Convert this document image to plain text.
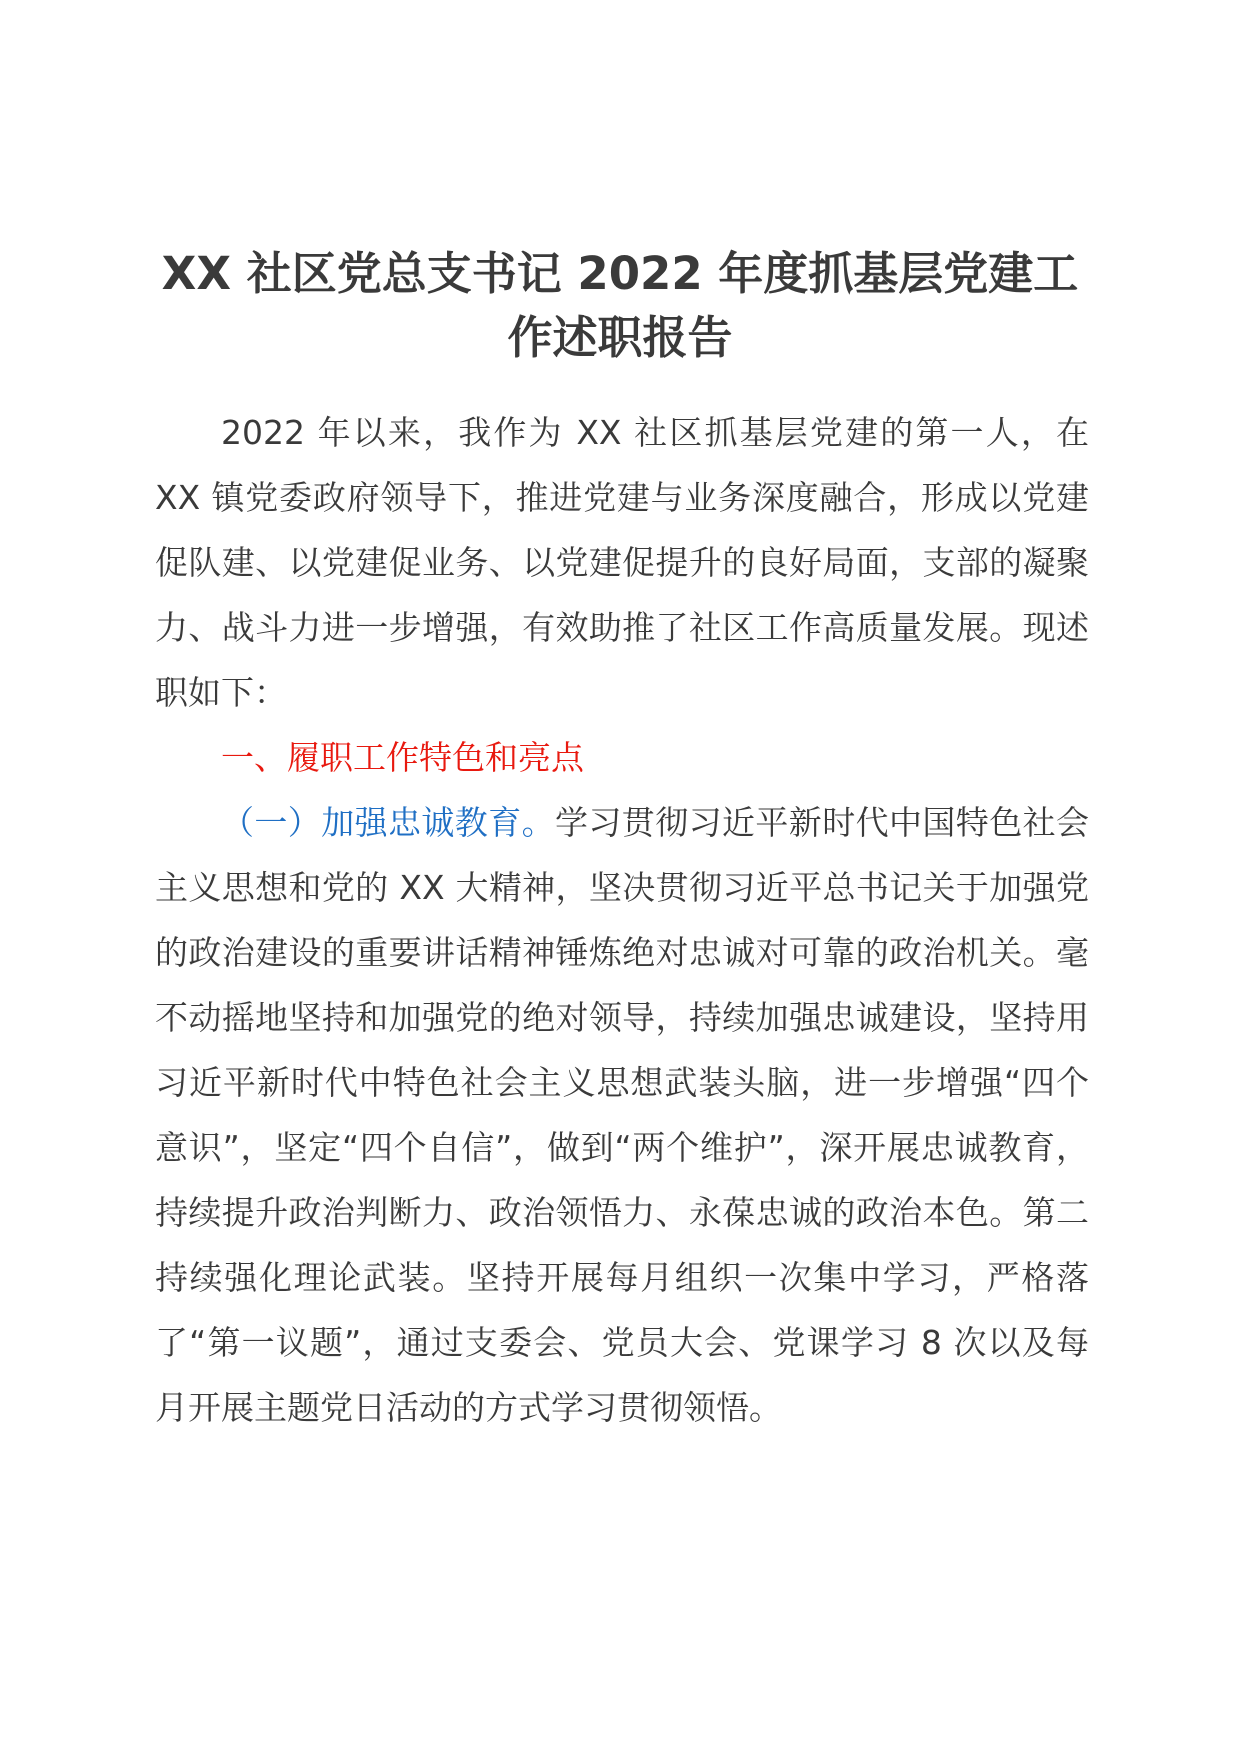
XX 社区党总支书记 2022 年度抓基层党建工作述职报告

2022 年以来，我作为 XX 社区抓基层党建的第一人，在 XX 镇党委政府领导下，推进党建与业务深度融合，形成以党建促队建、以党建促业务、以党建促提升的良好局面，支部的凝聚力、战斗力进一步增强，有效助推了社区工作高质量发展。现述职如下：

一、履职工作特色和亮点

（一）加强忠诚教育。学习贯彻习近平新时代中国特色社会主义思想和党的 XX 大精神，坚决贯彻习近平总书记关于加强党的政治建设的重要讲话精神锤炼绝对忠诚对可靠的政治机关。毫不动摇地坚持和加强党的绝对领导，持续加强忠诚建设，坚持用习近平新时代中特色社会主义思想武装头脑，进一步增强“四个意识”，坚定“四个自信”，做到“两个维护”，深开展忠诚教育，持续提升政治判断力、政治领悟力、永葆忠诚的政治本色。第二持续强化理论武装。坚持开展每月组织一次集中学习，严格落了“第一议题”，通过支委会、党员大会、党课学习 8 次以及每月开展主题党日活动的方式学习贯彻领悟。
